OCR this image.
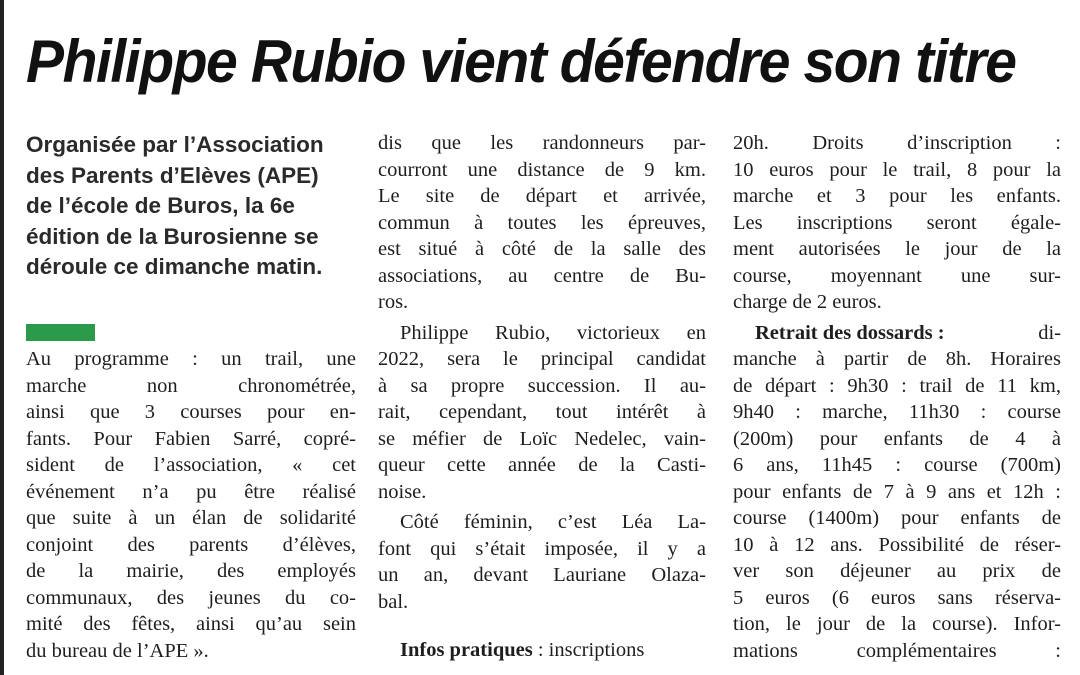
Philippe Rubio vient défendre son titre
Organisée par l’Association
des Parents d’Elèves (APE)
de l’école de Buros, la 6e
édition de la Burosienne se
déroule ce dimanche matin.
Au programme : un trail, une
marche non chronométrée,
ainsi que 3 courses pour en-
fants. Pour Fabien Sarré, copré-
sident de l’association, « cet
événement n’a pu être réalisé
que suite à un élan de solidarité
conjoint des parents d’élèves,
de la mairie, des employés
communaux, des jeunes du co-
mité des fêtes, ainsi qu’au sein
du bureau de l’APE ».
dis que les randonneurs par-
courront une distance de 9 km.
Le site de départ et arrivée,
commun à toutes les épreuves,
est situé à côté de la salle des
associations, au centre de Bu-
ros.
Philippe Rubio, victorieux en
2022, sera le principal candidat
à sa propre succession. Il au-
rait, cependant, tout intérêt à
se méfier de Loïc Nedelec, vain-
queur cette année de la Casti-
noise.
Côté féminin, c’est Léa La-
font qui s’était imposée, il y a
un an, devant Lauriane Olaza-
bal.
Infos pratiques : inscriptions
20h. Droits d’inscription :
10 euros pour le trail, 8 pour la
marche et 3 pour les enfants.
Les inscriptions seront égale-
ment autorisées le jour de la
course, moyennant une sur-
charge de 2 euros.
Retrait des dossards :	di-
manche à partir de 8h. Horaires
de départ : 9h30 : trail de 11 km,
9h40 : marche, 11h30 : course
(200m) pour enfants de 4 à
6 ans, 11h45 : course (700m)
pour enfants de 7 à 9 ans et 12h :
course (1400m) pour enfants de
10 à 12 ans. Possibilité de réser-
ver son déjeuner au prix de
5 euros (6 euros sans réserva-
tion, le jour de la course). Infor-
mations complémentaires :
